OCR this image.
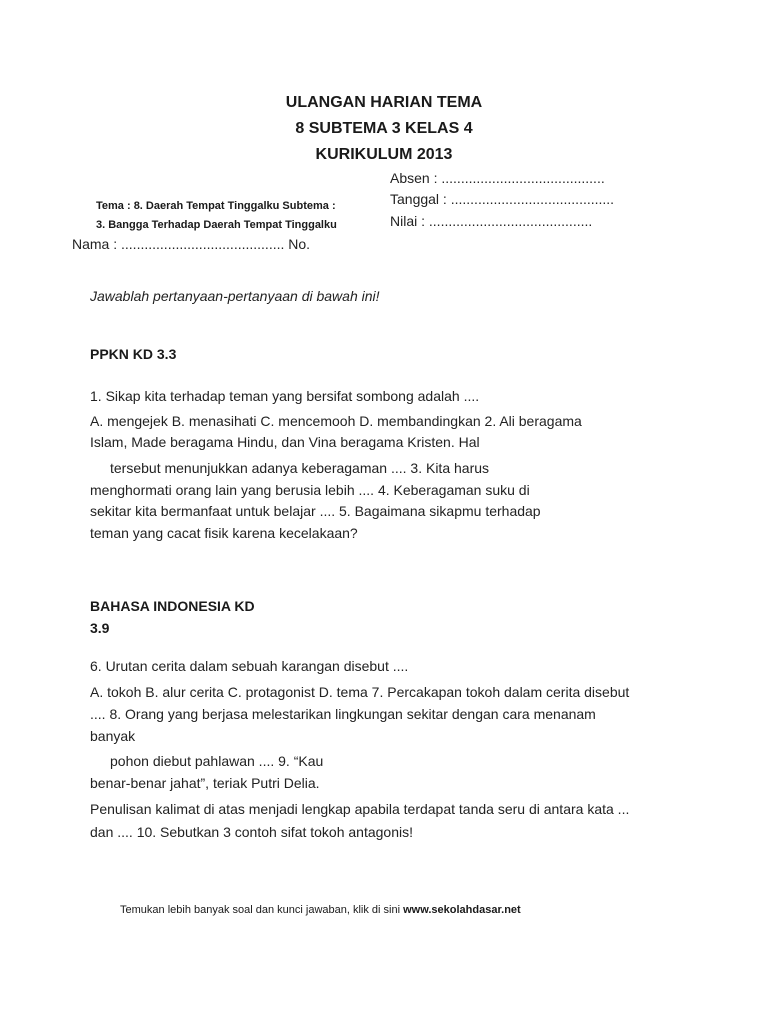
ULANGAN HARIAN TEMA
8 SUBTEMA 3 KELAS 4
KURIKULUM 2013
Absen : ..........................................
Tanggal : ..........................................
Nilai : ..........................................
Tema : 8. Daerah Tempat Tinggalku Subtema :
3. Bangga Terhadap Daerah Tempat Tinggalku
Nama : .......................................... No.
Jawablah pertanyaan-pertanyaan di bawah ini!
PPKN KD 3.3
1. Sikap kita terhadap teman yang bersifat sombong adalah ....
A. mengejek B. menasihati C. mencemooh D. membandingkan 2. Ali beragama
Islam, Made beragama Hindu, dan Vina beragama Kristen. Hal
tersebut menunjukkan adanya keberagaman .... 3. Kita harus
menghormati orang lain yang berusia lebih .... 4. Keberagaman suku di
sekitar kita bermanfaat untuk belajar .... 5. Bagaimana sikapmu terhadap
teman yang cacat fisik karena kecelakaan?
BAHASA INDONESIA KD
3.9
6. Urutan cerita dalam sebuah karangan disebut ....
A. tokoh B. alur cerita C. protagonist D. tema 7. Percakapan tokoh dalam cerita disebut
.... 8. Orang yang berjasa melestarikan lingkungan sekitar dengan cara menanam
banyak
pohon diebut pahlawan .... 9. “Kau
benar-benar jahat”, teriak Putri Delia.
Penulisan kalimat di atas menjadi lengkap apabila terdapat tanda seru di antara kata ...
dan .... 10. Sebutkan 3 contoh sifat tokoh antagonis!
Temukan lebih banyak soal dan kunci jawaban, klik di sini www.sekolahdasar.net
